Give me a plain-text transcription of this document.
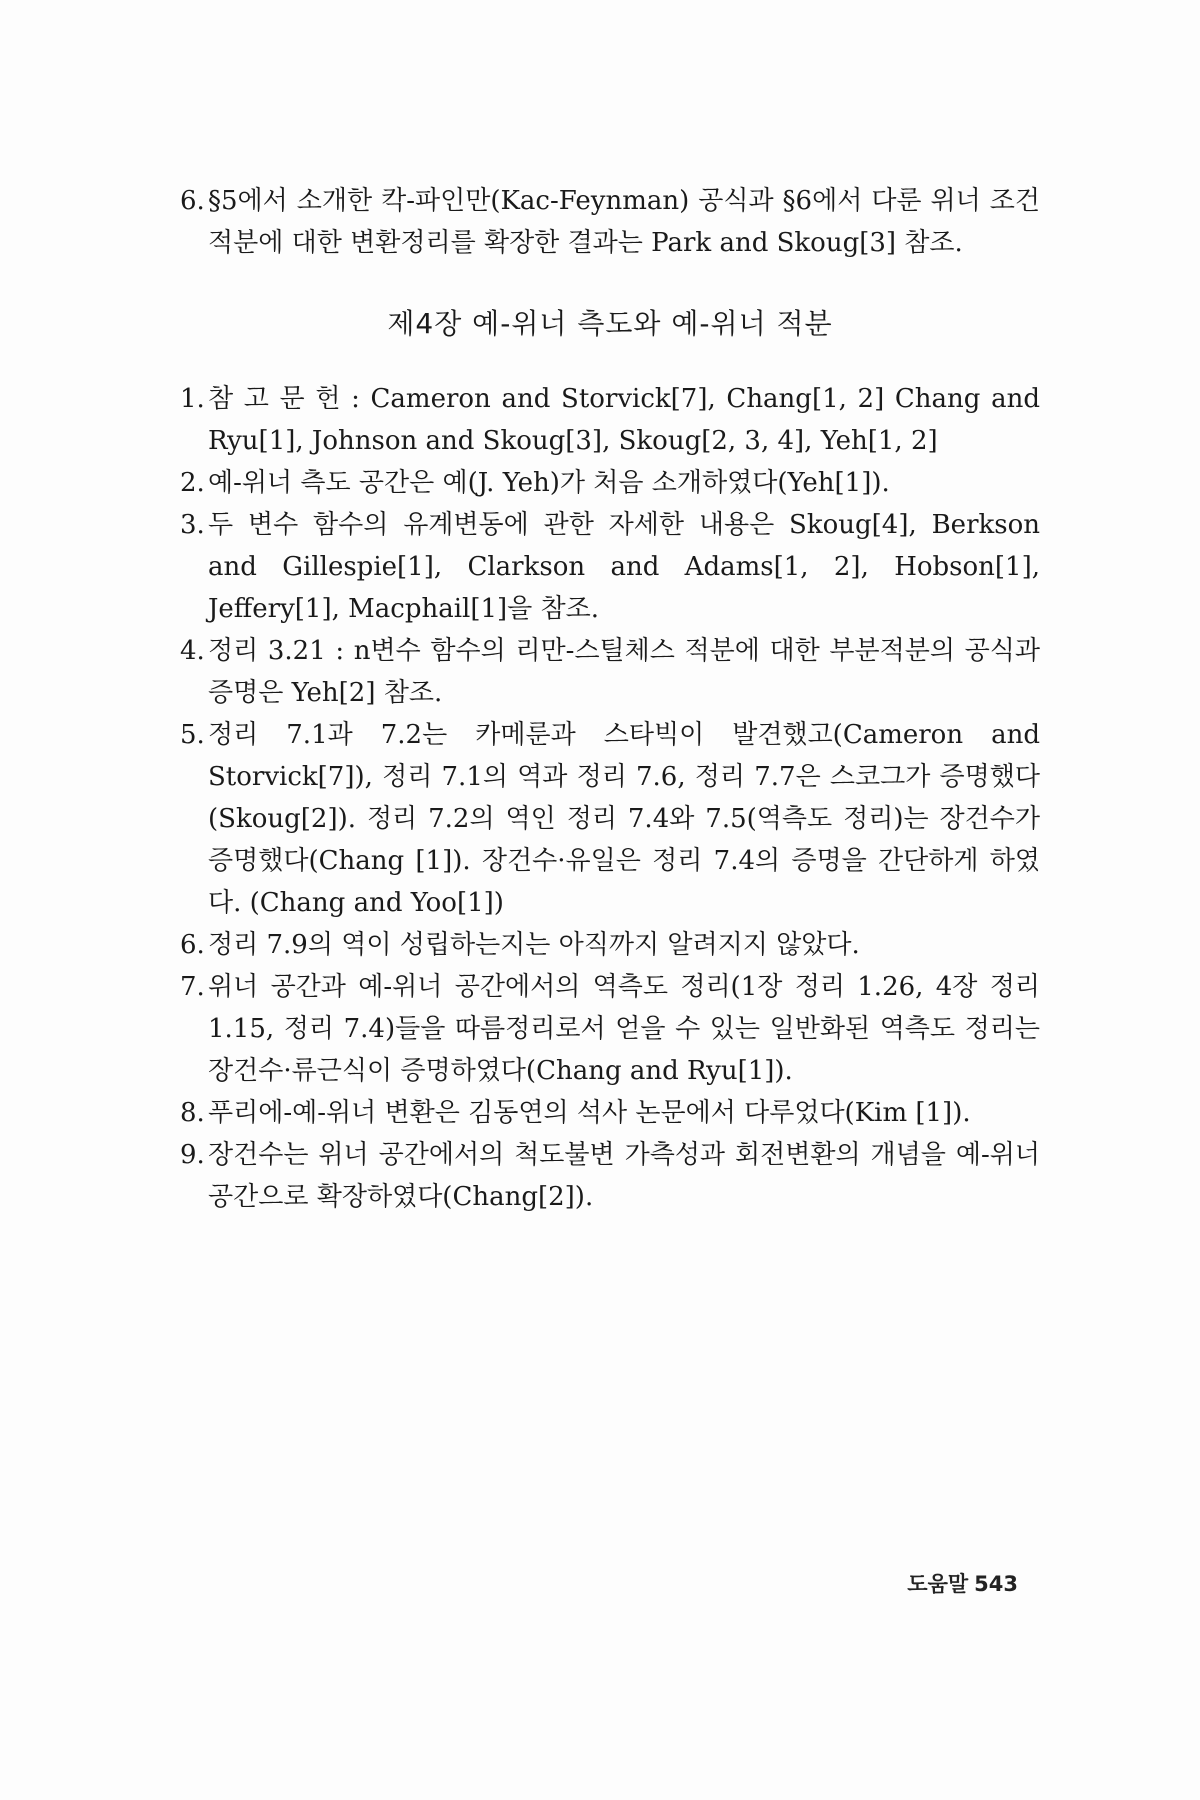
6. §5에서 소개한 칵-파인만(Kac-Feynman) 공식과 §6에서 다룬 위너 조건적분에 대한 변환정리를 확장한 결과는 Park and Skoug[3] 참조.
제4장 예-위너 측도와 예-위너 적분
1. 참 고 문 헌 : Cameron and Storvick[7], Chang[1, 2] Chang and Ryu[1], Johnson and Skoug[3], Skoug[2, 3, 4], Yeh[1, 2]
2. 예-위너 측도 공간은 예(J. Yeh)가 처음 소개하였다(Yeh[1]).
3. 두 변수 함수의 유계변동에 관한 자세한 내용은 Skoug[4], Berkson and Gillespie[1], Clarkson and Adams[1, 2], Hobson[1], Jeffery[1], Macphail[1]을 참조.
4. 정리 3.21 : n변수 함수의 리만-스틸체스 적분에 대한 부분적분의 공식과 증명은 Yeh[2] 참조.
5. 정리 7.1과 7.2는 카메룬과 스타빅이 발견했고(Cameron and Storvick[7]), 정리 7.1의 역과 정리 7.6, 정리 7.7은 스코그가 증명했다(Skoug[2]). 정리 7.2의 역인 정리 7.4와 7.5(역측도 정리)는 장건수가 증명했다(Chang [1]). 장건수·유일은 정리 7.4의 증명을 간단하게 하였다. (Chang and Yoo[1])
6. 정리 7.9의 역이 성립하는지는 아직까지 알려지지 않았다.
7. 위너 공간과 예-위너 공간에서의 역측도 정리(1장 정리 1.26, 4장 정리 1.15, 정리 7.4)들을 따름정리로서 얻을 수 있는 일반화된 역측도 정리는 장건수·류근식이 증명하였다(Chang and Ryu[1]).
8. 푸리에-예-위너 변환은 김동연의 석사 논문에서 다루었다(Kim [1]).
9. 장건수는 위너 공간에서의 척도불변 가측성과 회전변환의 개념을 예-위너 공간으로 확장하였다(Chang[2]).
도움말 543
